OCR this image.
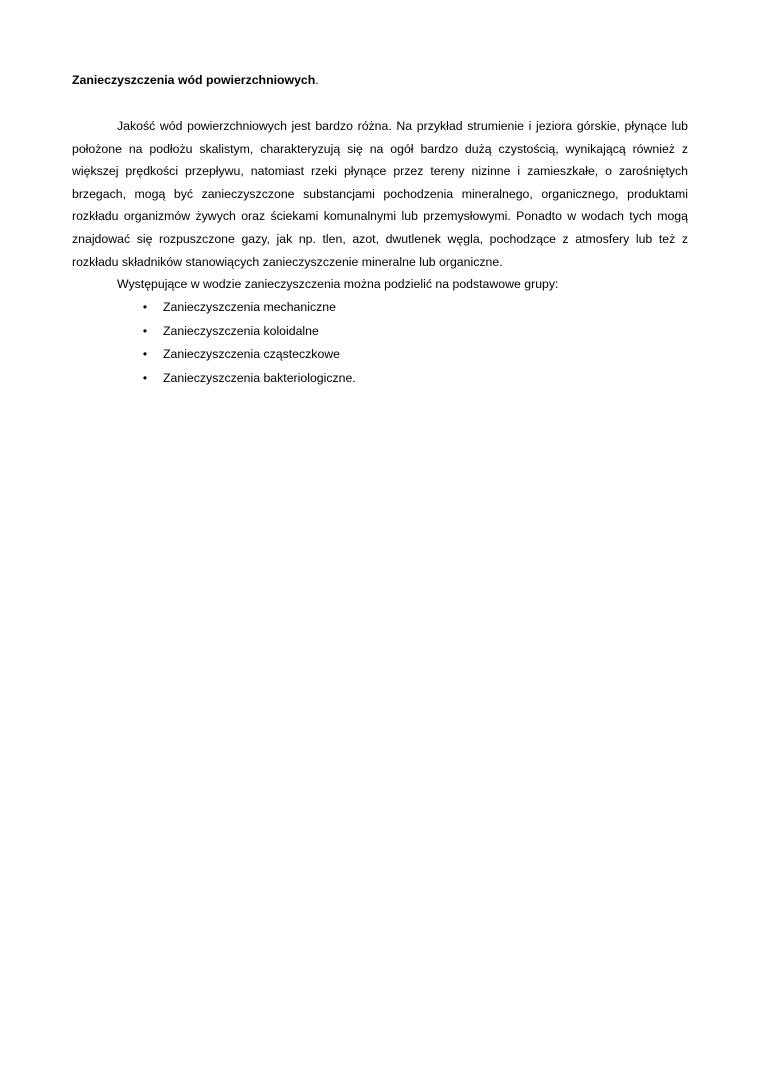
Zanieczyszczenia wód powierzchniowych.

Jakość wód powierzchniowych jest bardzo różna. Na przykład strumienie i jeziora górskie, płynące lub położone na podłożu skalistym, charakteryzują się na ogół bardzo dużą czystością, wynikającą również z większej prędkości przepływu, natomiast rzeki płynące przez tereny nizinne i zamieszkałe, o zarośniętych brzegach, mogą być zanieczyszczone substancjami pochodzenia mineralnego, organicznego, produktami rozkładu organizmów żywych oraz ściekami komunalnymi lub przemysłowymi. Ponadto w wodach tych mogą znajdować się rozpuszczone gazy, jak np. tlen, azot, dwutlenek węgla, pochodzące z atmosfery lub też z rozkładu składników stanowiących zanieczyszczenie mineralne lub organiczne.

Występujące w wodzie zanieczyszczenia można podzielić na podstawowe grupy:

• Zanieczyszczenia mechaniczne
• Zanieczyszczenia koloidalne
• Zanieczyszczenia cząsteczkowe
• Zanieczyszczenia bakteriologiczne.
